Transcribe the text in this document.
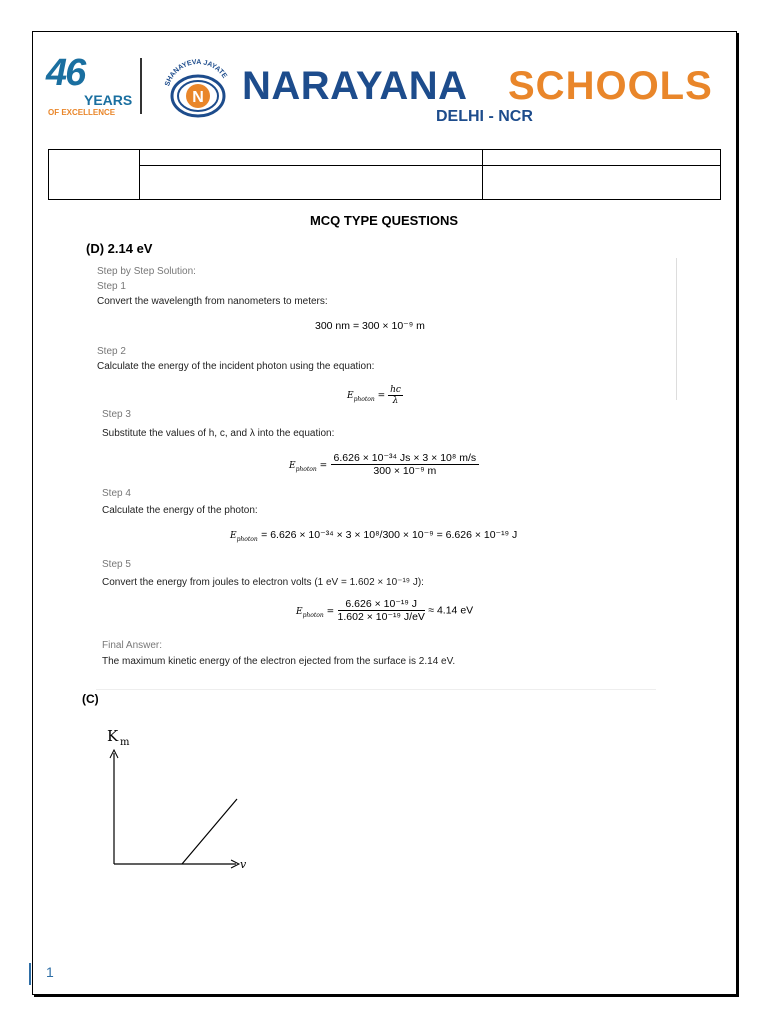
46
YEARS
OF EXCELLENCE
SHANAYEVA JAYATE
N NARAYANA SCHOOLS
DELHI - NCR

MCQ TYPE QUESTIONS
(D) 2.14 eV
Step by Step Solution:
Step 1
Convert the wavelength from nanometers to meters:
300 nm = 300 × 10⁻⁹ m
Step 2
Calculate the energy of the incident photon using the equation:
$E_{photon} = \frac{hc}{\lambda}$
Step 3
Substitute the values of h, c, and λ into the equation:
$E_{photon} = \frac{\text{6.626 × 10⁻³⁴ Js × 3 × 10⁸ m/s}}{\text{300 × 10⁻⁹ m}}$
Step 4
Calculate the energy of the photon:
$E_{photon} = 6.626 \times 10^{-34} \times 3 \times 10^8/300 \times 10^{-9} = 6.626 \times 10^{-19}$ J
Step 5
Convert the energy from joules to electron volts (1 eV = 1.602 × 10⁻¹⁹ J):
$E_{photon} = \frac{\text{6.626 × 10⁻¹⁹ J}}{\text{1.602 × 10⁻¹⁹ J/eV}} \approx 4.14$ eV
Final Answer:
The maximum kinetic energy of the electron ejected from the surface is 2.14 eV.
(C)
K m
v
1
